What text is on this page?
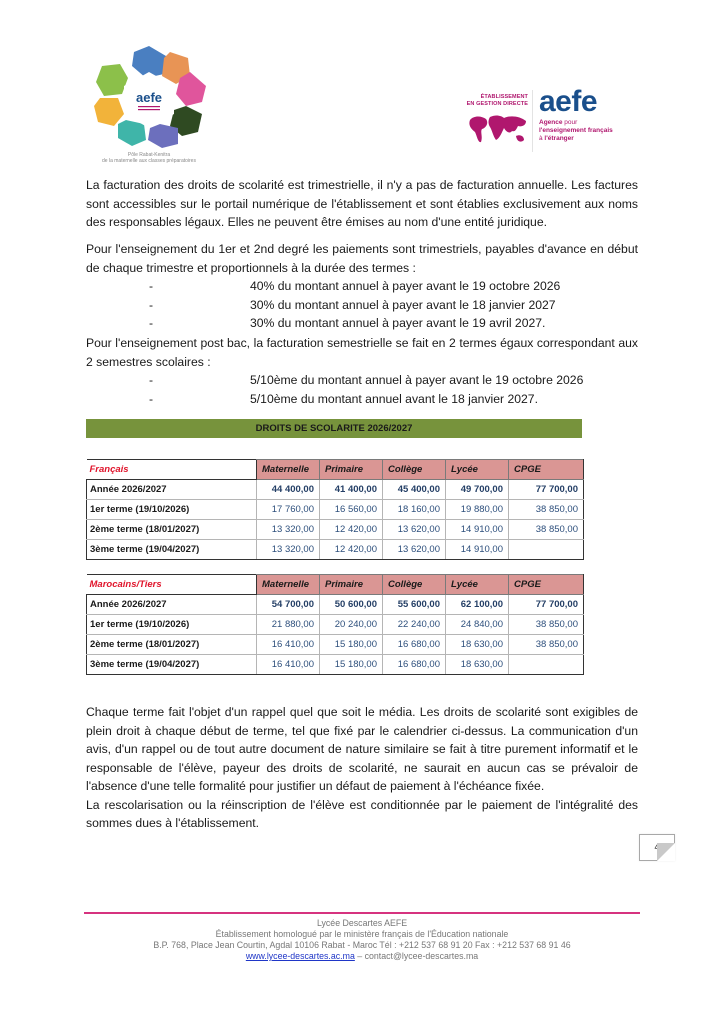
aefe
Pôle Rabat-Kenitra
de la maternelle aux classes préparatoires
ÉTABLISSEMENT
EN GESTION DIRECTE aefe
Agence pour
l'enseignement français
à l'étranger

La facturation des droits de scolarité est trimestrielle, il n'y a pas de facturation annuelle. Les factures sont accessibles sur le portail numérique de l'établissement et sont établies exclusivement aux noms des responsables légaux. Elles ne peuvent être émises au nom d'une entité juridique.

Pour l'enseignement du 1er et 2nd degré les paiements sont trimestriels, payables d'avance en début de chaque trimestre et proportionnels à la durée des termes :

-	40% du montant annuel à payer avant le 19 octobre 2026
-	30% du montant annuel à payer avant le 18 janvier 2027
-	30% du montant annuel à payer avant le 19 avril 2027.

Pour l'enseignement post bac, la facturation semestrielle se fait en 2 termes égaux correspondant aux 2 semestres scolaires :

-	5/10ème du montant annuel à payer avant le 19 octobre 2026
-	5/10ème du montant annuel avant le 18 janvier 2027.
DROITS DE SCOLARITE 2026/2027
Français	Maternelle	Primaire	Collège	Lycée	CPGE
Année 2026/2027	44 400,00	41 400,00	45 400,00	49 700,00	77 700,00
1er terme (19/10/2026)	17 760,00	16 560,00	18 160,00	19 880,00	38 850,00
2ème terme (18/01/2027)	13 320,00	12 420,00	13 620,00	14 910,00	38 850,00
3ème terme (19/04/2027)	13 320,00	12 420,00	13 620,00	14 910,00	
Marocains/Tiers	Maternelle	Primaire	Collège	Lycée	CPGE
Année 2026/2027	54 700,00	50 600,00	55 600,00	62 100,00	77 700,00
1er terme (19/10/2026)	21 880,00	20 240,00	22 240,00	24 840,00	38 850,00
2ème terme (18/01/2027)	16 410,00	15 180,00	16 680,00	18 630,00	38 850,00
3ème terme (19/04/2027)	16 410,00	15 180,00	16 680,00	18 630,00	

Chaque terme fait l'objet d'un rappel quel que soit le média. Les droits de scolarité sont exigibles de plein droit à chaque début de terme, tel que fixé par le calendrier ci-dessus. La communication d'un avis, d'un rappel ou de tout autre document de nature similaire se fait à titre purement informatif et le responsable de l'élève, payeur des droits de scolarité, ne saurait en aucun cas se prévaloir de l'absence d'une telle formalité pour justifier un défaut de paiement à l'échéance fixée.

La rescolarisation ou la réinscription de l'élève est conditionnée par le paiement de l'intégralité des sommes dues à l'établissement.

4
Lycée Descartes AEFE
Établissement homologué par le ministère français de l'Éducation nationale
B.P. 768, Place Jean Courtin, Agdal 10106 Rabat - Maroc Tél : +212 537 68 91 20 Fax : +212 537 68 91 46
www.lycee-descartes.ac.ma – contact@lycee-descartes.ma
